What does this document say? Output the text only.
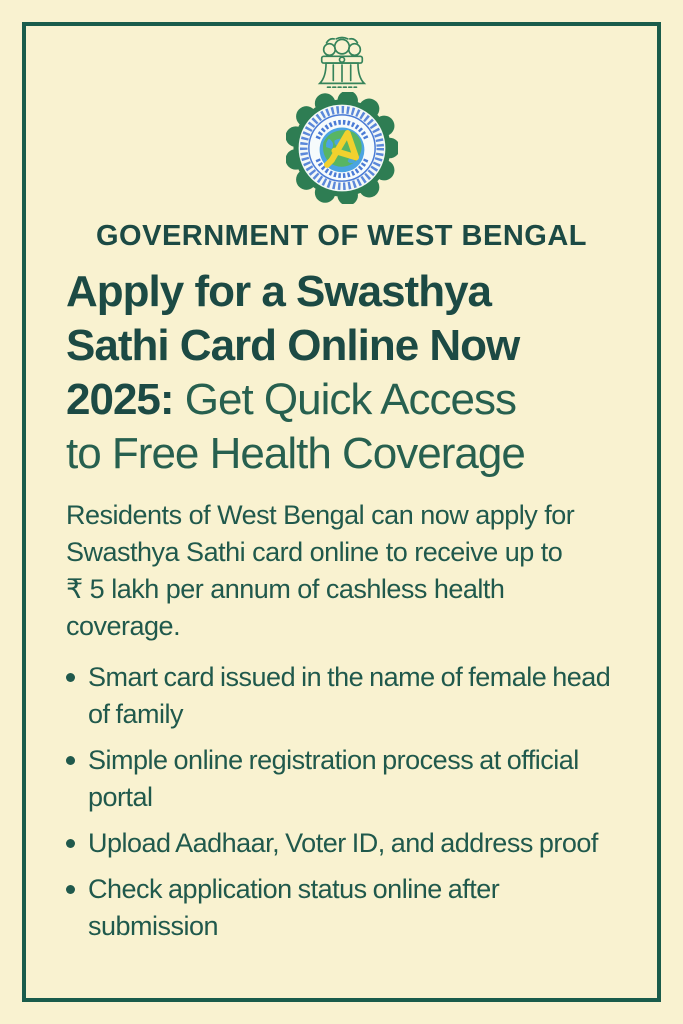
GOVERNMENT OF WEST BENGAL
Apply for a Swasthya
Sathi Card Online Now
2025: Get Quick Access
to Free Health Coverage
Residents of West Bengal can now apply for
Swasthya Sathi card online to receive up to
₹ 5 lakh per annum of cashless health
coverage.
Smart card issued in the name of female head of family
Simple online registration process at official portal
Upload Aadhaar, Voter ID, and address proof
Check application status online after submission
